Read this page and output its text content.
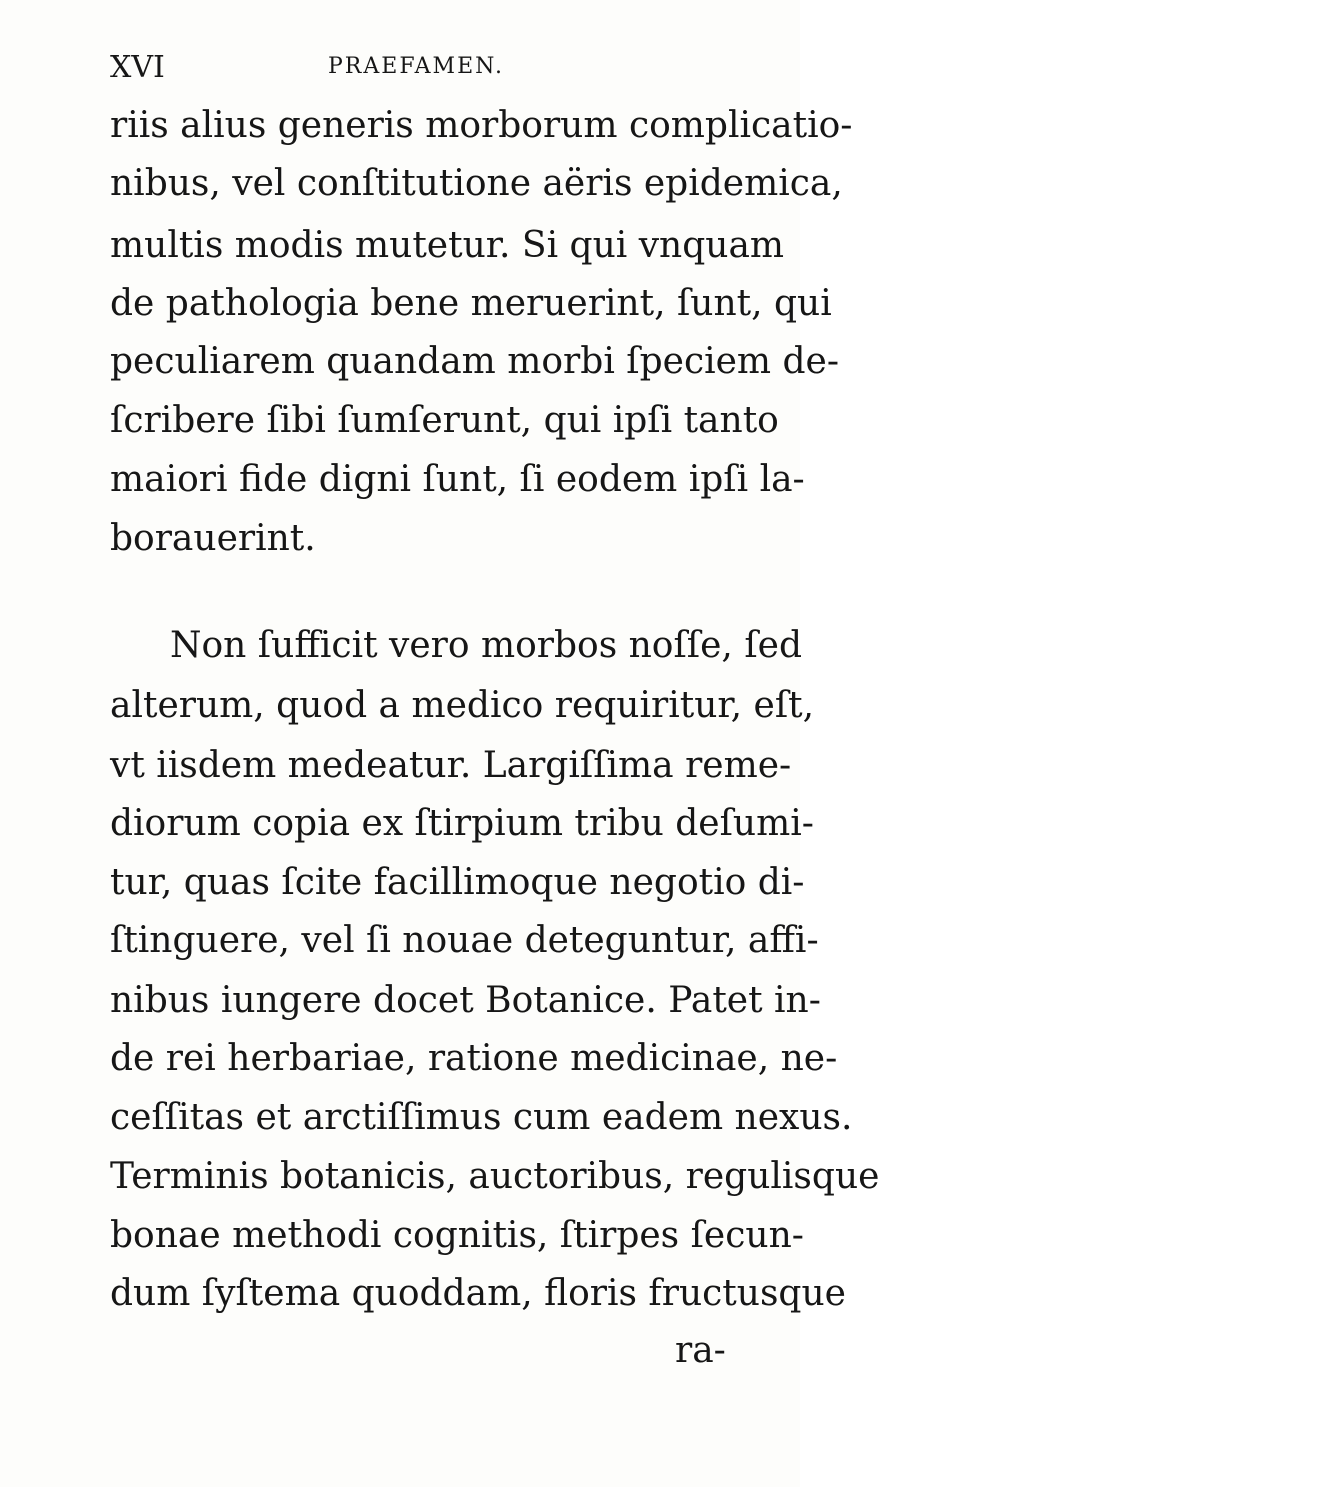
XVI	PRAEFAMEN.
riis alius generis morborum complicatio-
nibus, vel conſtitutione aëris epidemica,
multis modis mutetur. Si qui vnquam
de pathologia bene meruerint, ſunt, qui
peculiarem quandam morbi ſpeciem de-
ſcribere ſibi ſumſerunt, qui ipſi tanto
maiori fide digni ſunt, ſi eodem ipſi la-
borauerint.
Non ſufficit vero morbos noſſe, ſed
alterum, quod a medico requiritur, eſt,
vt iisdem medeatur. Largiſſima reme-
diorum copia ex ſtirpium tribu deſumi-
tur, quas ſcite facillimoque negotio di-
ſtinguere, vel ſi nouae deteguntur, affi-
nibus iungere docet Botanice. Patet in-
de rei herbariae, ratione medicinae, ne-
ceſſitas et arctiſſimus cum eadem nexus.
Terminis botanicis, auctoribus, regulisque
bonae methodi cognitis, ſtirpes ſecun-
dum ſyſtema quoddam, floris fructusque
ra-
